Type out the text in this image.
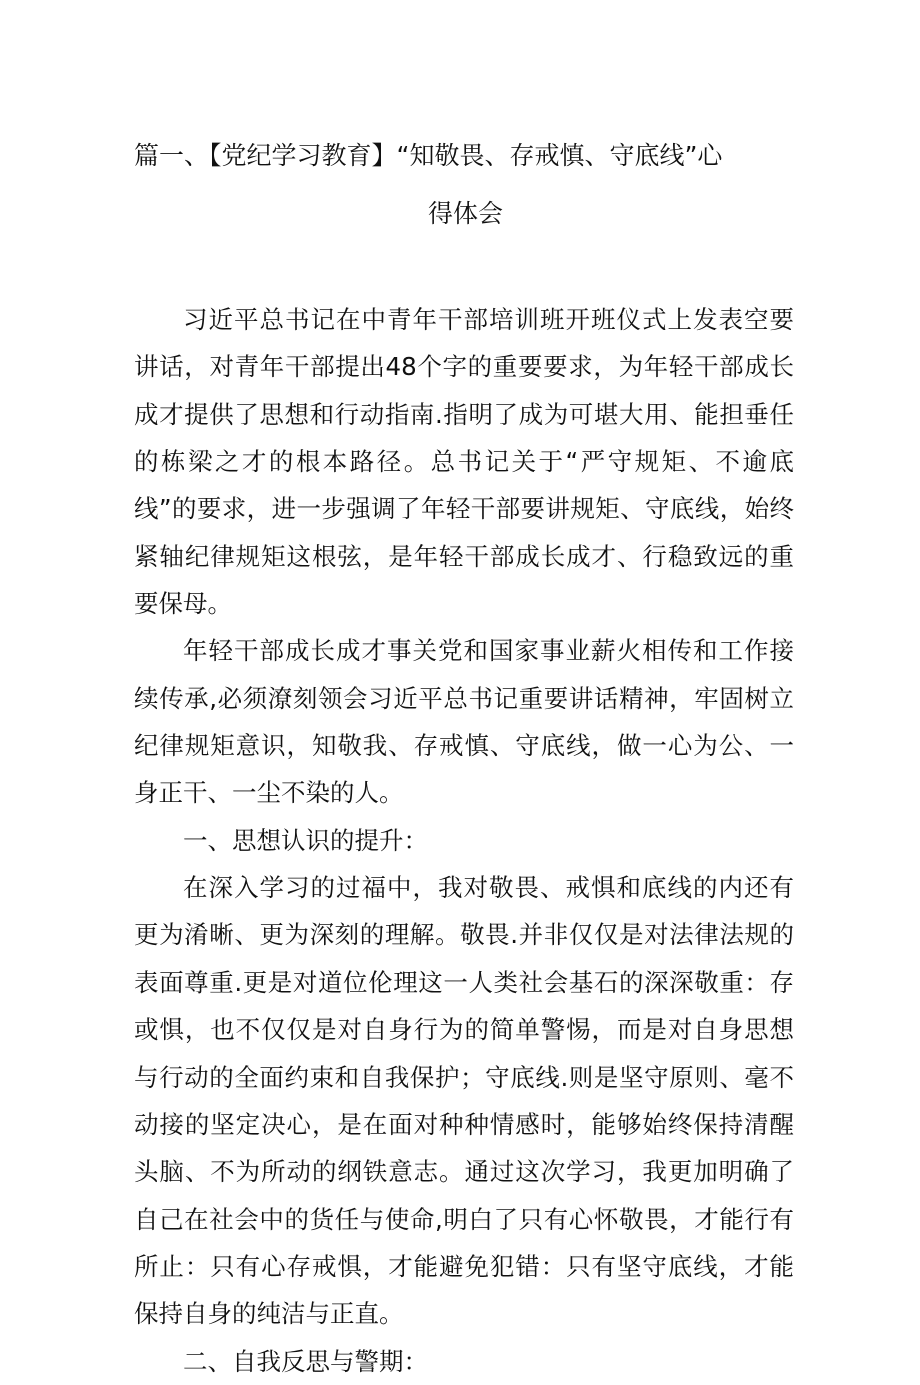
篇一、【党纪学习教育】“知敬畏、存戒慎、守底线”心
得体会

习近平总书记在中青年干部培训班开班仪式上发表空要讲话，对青年干部提出48个字的重要要求，为年轻干部成长成才提供了思想和行动指南.指明了成为可堪大用、能担垂任的栋梁之才的根本路径。总书记关于“严守规矩、不逾底线”的要求，进一步强调了年轻干部要讲规矩、守底线，始终紧轴纪律规矩这根弦，是年轻干部成长成才、行稳致远的重要保母。

年轻干部成长成才事关党和国家事业薪火相传和工作接续传承,必须潦刻领会习近平总书记重要讲话精神，牢固树立纪律规矩意识，知敬我、存戒慎、守底线，做一心为公、一身正干、一尘不染的人。

一、思想认识的提升：

在深入学习的过福中，我对敬畏、戒惧和底线的内还有更为淆晰、更为深刻的理解。敬畏.并非仅仅是对法律法规的表面尊重.更是对道位伦理这一人类社会基石的深深敬重：存或惧，也不仅仅是对自身行为的简单警惕，而是对自身思想与行动的全面约束和自我保护；守底线.则是坚守原则、毫不动接的坚定决心，是在面对种种情感时，能够始终保持清醒头脑、不为所动的纲铁意志。通过这次学习，我更加明确了自己在社会中的货任与使命,明白了只有心怀敬畏，才能行有所止：只有心存戒惧，才能避免犯错：只有坚守底线，才能保持自身的纯洁与正直。

二、自我反思与警期：
